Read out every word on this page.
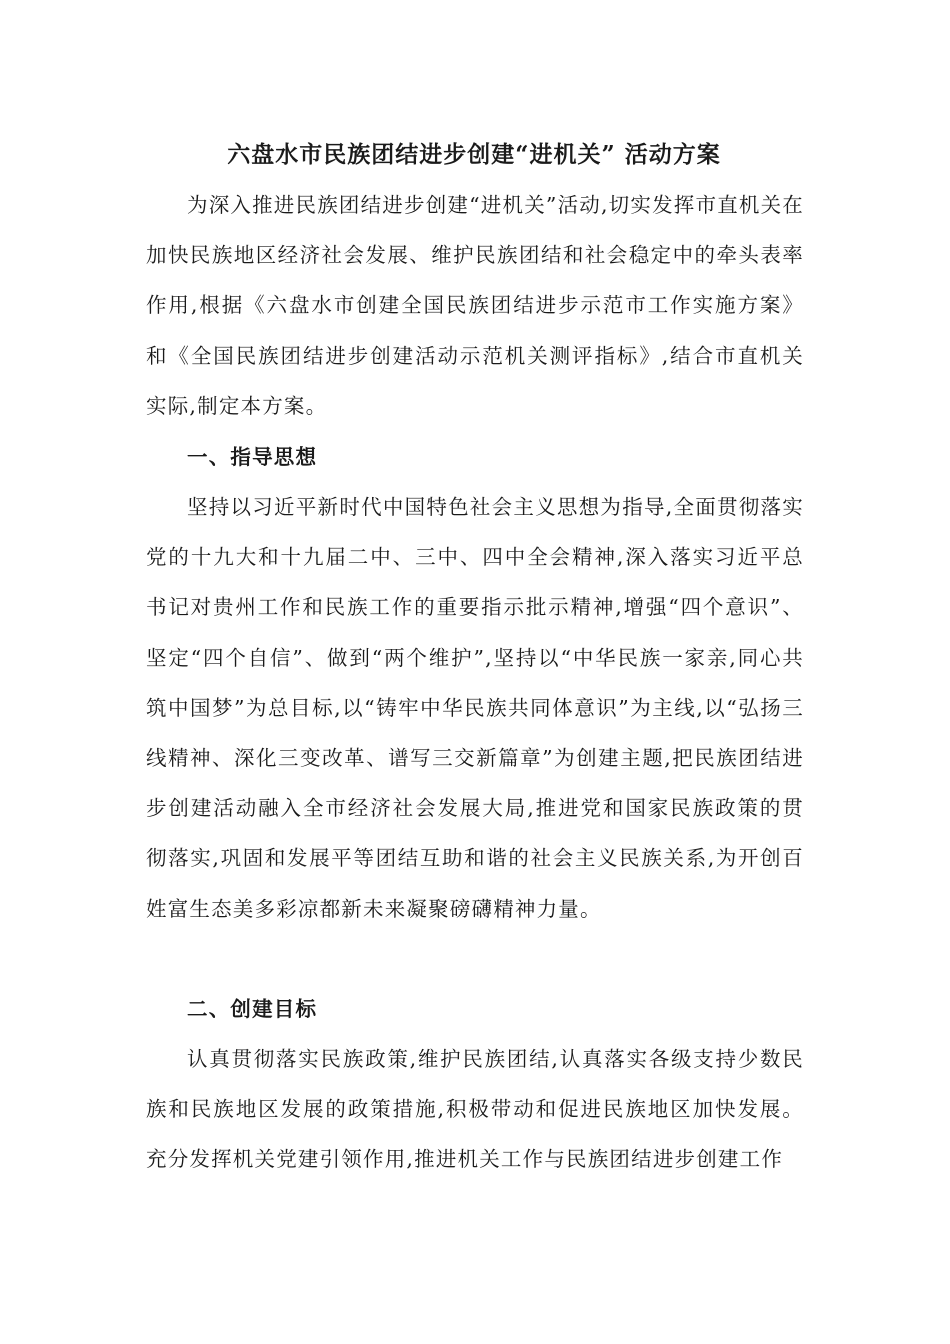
六盘水市民族团结进步创建“进机关” 活动方案

为深入推进民族团结进步创建“进机关”活动,切实发挥市直机关在加快民族地区经济社会发展、维护民族团结和社会稳定中的牵头表率作用,根据《六盘水市创建全国民族团结进步示范市工作实施方案》和《全国民族团结进步创建活动示范机关测评指标》,结合市直机关实际,制定本方案。

一、指导思想

坚持以习近平新时代中国特色社会主义思想为指导,全面贯彻落实党的十九大和十九届二中、三中、四中全会精神,深入落实习近平总书记对贵州工作和民族工作的重要指示批示精神,增强“四个意识”、坚定“四个自信”、做到“两个维护”,坚持以“中华民族一家亲,同心共筑中国梦”为总目标,以“铸牢中华民族共同体意识”为主线,以“弘扬三线精神、深化三变改革、谱写三交新篇章”为创建主题,把民族团结进步创建活动融入全市经济社会发展大局,推进党和国家民族政策的贯彻落实,巩固和发展平等团结互助和谐的社会主义民族关系,为开创百姓富生态美多彩凉都新未来凝聚磅礴精神力量。

二、创建目标

认真贯彻落实民族政策,维护民族团结,认真落实各级支持少数民族和民族地区发展的政策措施,积极带动和促进民族地区加快发展。充分发挥机关党建引领作用,推进机关工作与民族团结进步创建工作
